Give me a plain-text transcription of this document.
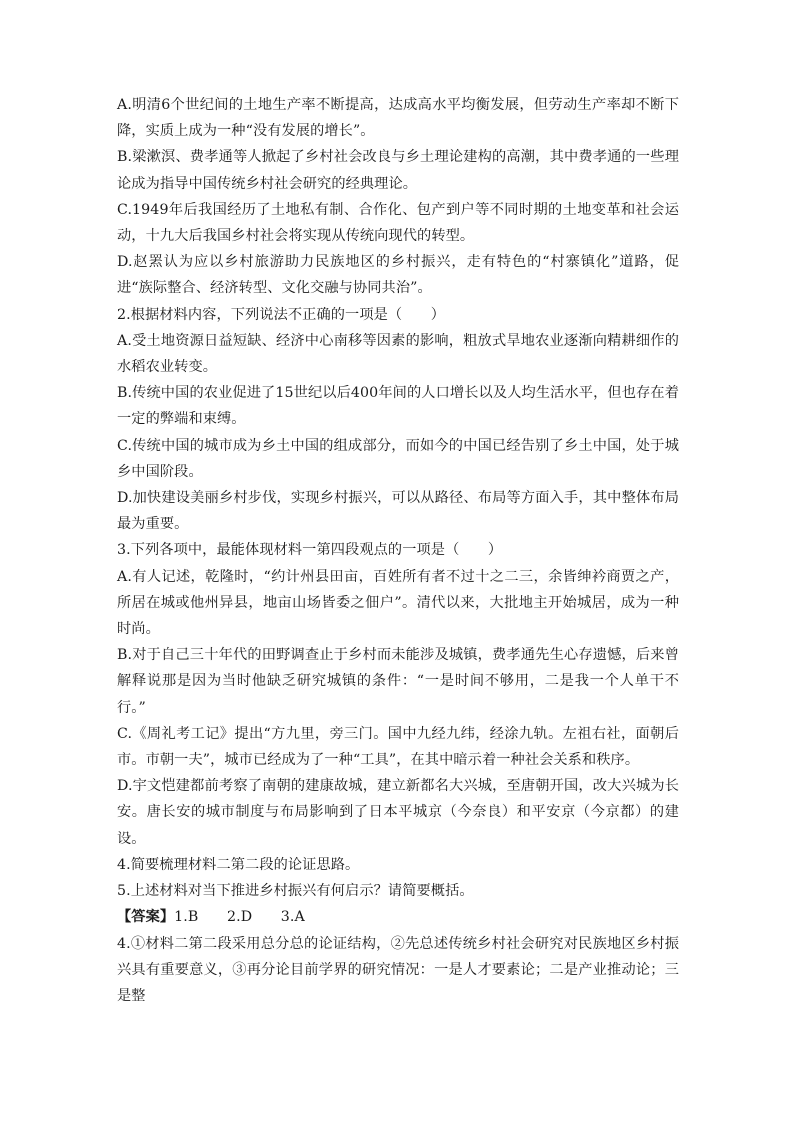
A.明清6个世纪间的土地生产率不断提高，达成高水平均衡发展，但劳动生产率却不断下降，实质上成为一种“没有发展的增长”。

B.梁漱溟、费孝通等人掀起了乡村社会改良与乡土理论建构的高潮，其中费孝通的一些理论成为指导中国传统乡村社会研究的经典理论。

C.1949年后我国经历了土地私有制、合作化、包产到户等不同时期的土地变革和社会运动，十九大后我国乡村社会将实现从传统向现代的转型。

D.赵罴认为应以乡村旅游助力民族地区的乡村振兴，走有特色的“村寨镇化”道路，促进“族际整合、经济转型、文化交融与协同共治”。

2.根据材料内容，下列说法不正确的一项是（　　）

A.受土地资源日益短缺、经济中心南移等因素的影响，粗放式旱地农业逐渐向精耕细作的水稻农业转变。

B.传统中国的农业促进了15世纪以后400年间的人口增长以及人均生活水平，但也存在着一定的弊端和束缚。

C.传统中国的城市成为乡土中国的组成部分，而如今的中国已经告别了乡土中国，处于城乡中国阶段。

D.加快建设美丽乡村步伐，实现乡村振兴，可以从路径、布局等方面入手，其中整体布局最为重要。

3.下列各项中，最能体现材料一第四段观点的一项是（　　）

A.有人记述，乾隆时，“约计州县田亩，百姓所有者不过十之二三，余皆绅衿商贾之产，所居在城或他州异县，地亩山场皆委之佃户”。清代以来，大批地主开始城居，成为一种时尚。

B.对于自己三十年代的田野调查止于乡村而未能涉及城镇，费孝通先生心存遗憾，后来曾解释说那是因为当时他缺乏研究城镇的条件：“一是时间不够用，二是我一个人单干不行。”

C.《周礼考工记》提出“方九里，旁三门。国中九经九纬，经涂九轨。左祖右社，面朝后市。市朝一夫”，城市已经成为了一种“工具”，在其中暗示着一种社会关系和秩序。

D.宇文恺建都前考察了南朝的建康故城，建立新都名大兴城，至唐朝开国，改大兴城为长安。唐长安的城市制度与布局影响到了日本平城京（今奈良）和平安京（今京都）的建设。

4.简要梳理材料二第二段的论证思路。

5.上述材料对当下推进乡村振兴有何启示？请简要概括。

【答案】1.B　　2.D　　3.A

4.①材料二第二段采用总分总的论证结构，②先总述传统乡村社会研究对民族地区乡村振兴具有重要意义，③再分论目前学界的研究情况：一是人才要素论；二是产业推动论；三是整
